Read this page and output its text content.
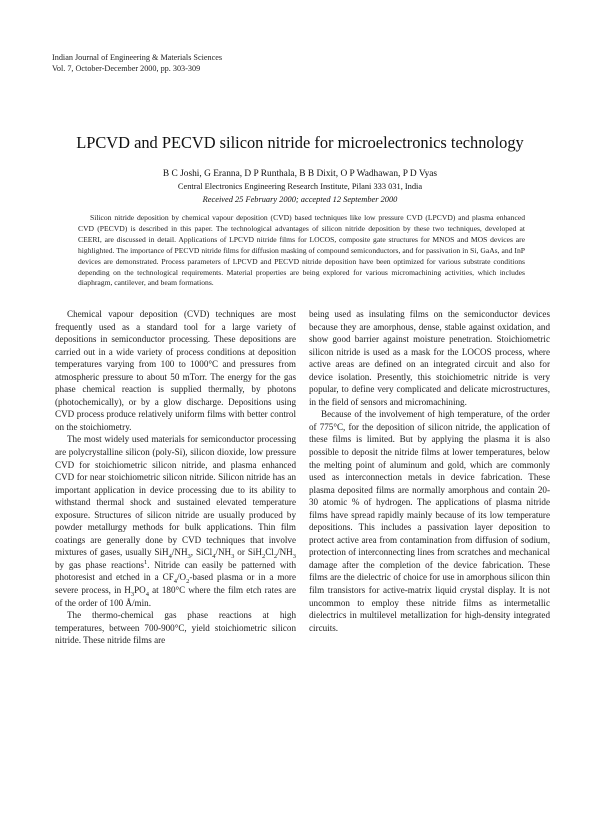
Indian Journal of Engineering & Materials Sciences
Vol. 7, October-December 2000, pp. 303-309
LPCVD and PECVD silicon nitride for microelectronics technology
B C Joshi, G Eranna, D P Runthala, B B Dixit, O P Wadhawan, P D Vyas
Central Electronics Engineering Research Institute, Pilani 333 031, India
Received 25 February 2000; accepted 12 September 2000

Silicon nitride deposition by chemical vapour deposition (CVD) based techniques like low pressure CVD (LPCVD) and plasma enhanced CVD (PECVD) is described in this paper. The technological advantages of silicon nitride deposition by these two techniques, developed at CEERI, are discussed in detail. Applications of LPCVD nitride films for LOCOS, composite gate structures for MNOS and MOS devices are highlighted. The importance of PECVD nitride films for diffusion masking of compound semiconductors, and for passivation in Si, GaAs, and InP devices are demonstrated. Process parameters of LPCVD and PECVD nitride deposition have been optimized for various substrate conditions depending on the technological requirements. Material properties are being explored for various micromachining activities, which includes diaphragm, cantilever, and beam formations.

Chemical vapour deposition (CVD) techniques are most frequently used as a standard tool for a large variety of depositions in semiconductor processing. These depositions are carried out in a wide variety of process conditions at deposition temperatures varying from 100 to 1000°C and pressures from atmospheric pressure to about 50 mTorr. The energy for the gas phase chemical reaction is supplied thermally, by photons (photochemically), or by a glow discharge. Depositions using CVD process produce relatively uniform films with better control on the stoichiometry.

The most widely used materials for semiconductor processing are polycrystalline silicon (poly-Si), silicon dioxide, low pressure CVD for stoichiometric silicon nitride, and plasma enhanced CVD for near stoichiometric silicon nitride. Silicon nitride has an important application in device processing due to its ability to withstand thermal shock and sustained elevated temperature exposure. Structures of silicon nitride are usually produced by powder metallurgy methods for bulk applications. Thin film coatings are generally done by CVD techniques that involve mixtures of gases, usually $SiH_4/NH_3$, $SiCl_4/NH_3$ or $SiH_2Cl_2/NH_3$ by gas phase reactions$^1$. Nitride can easily be patterned with photoresist and etched in a $CF_4/O_2$-based plasma or in a more severe process, in $H_3PO_4$ at 180°C where the film etch rates are of the order of 100 Å/min.

The thermo-chemical gas phase reactions at high temperatures, between 700-900°C, yield stoichiometric silicon nitride. These nitride films are

being used as insulating films on the semiconductor devices because they are amorphous, dense, stable against oxidation, and show good barrier against moisture penetration. Stoichiometric silicon nitride is used as a mask for the LOCOS process, where active areas are defined on an integrated circuit and also for device isolation. Presently, this stoichiometric nitride is very popular, to define very complicated and delicate microstructures, in the field of sensors and micromachining.

Because of the involvement of high temperature, of the order of 775°C, for the deposition of silicon nitride, the application of these films is limited. But by applying the plasma it is also possible to deposit the nitride films at lower temperatures, below the melting point of aluminum and gold, which are commonly used as interconnection metals in device fabrication. These plasma deposited films are normally amorphous and contain 20-30 atomic % of hydrogen. The applications of plasma nitride films have spread rapidly mainly because of its low temperature depositions. This includes a passivation layer deposition to protect active area from contamination from diffusion of sodium, protection of interconnecting lines from scratches and mechanical damage after the completion of the device fabrication. These films are the dielectric of choice for use in amorphous silicon thin film transistors for active-matrix liquid crystal display. It is not uncommon to employ these nitride films as intermetallic dielectrics in multilevel metallization for high-density integrated circuits.
